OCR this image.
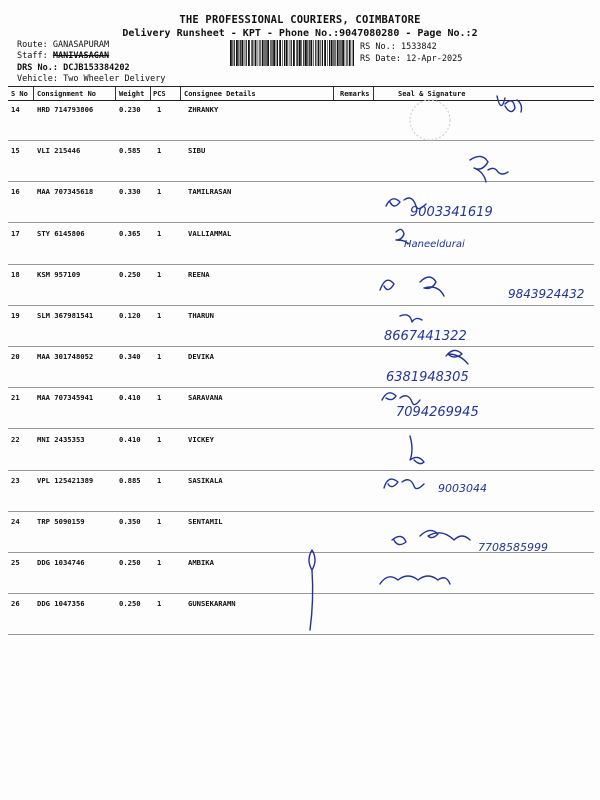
THE PROFESSIONAL COURIERS, COIMBATORE
Delivery Runsheet - KPT - Phone No.:9047080280 - Page No.:2
Route: GANASAPURAM
Staff: MANIVASAGAN
DRS No.: DCJB153384202
Vehicle: Two Wheeler Delivery
RS No.: 1533842
RS Date: 12-Apr-2025
S No Consignment No	Weight PCS	Consignee Details	Remarks	Seal & Signature
14 HRD 714793806	0.230 1	ZHRANKY
15 VLI 215446	0.585 1	SIBU
16 MAA 707345618	0.330 1	TAMILRASAN
17 STY 6145806	0.365 1	VALLIAMMAL
18 KSM 957109	0.250 1	REENA
19 SLM 367981541	0.120 1	THARUN
20 MAA 301748052	0.340 1	DEVIKA
21 MAA 707345941	0.410 1	SARAVANA
22 MNI 2435353	0.410 1	VICKEY
23 VPL 125421389	0.885 1	SASIKALA
24 TRP 5090159	0.350 1	SENTAMIL
25 DDG 1034746	0.250 1	AMBIKA
26 DDG 1047356	0.250 1	GUNSEKARAMN
9003341619
Haneeldurai
9843924432
8667441322
6381948305
7094269945
9003044
7708585999
